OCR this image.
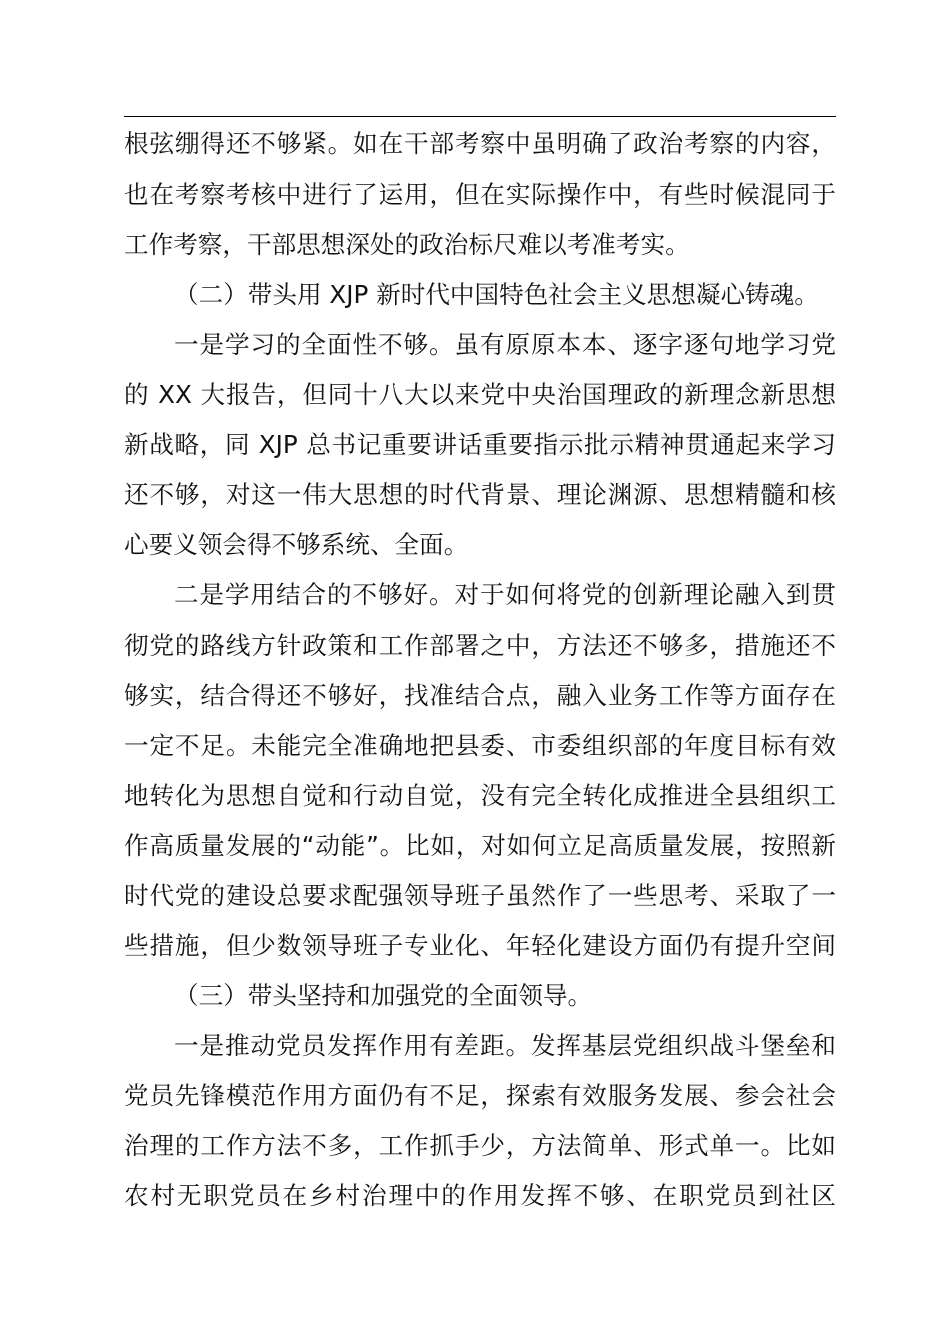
根弦绷得还不够紧。如在干部考察中虽明确了政治考察的内容，
也在考察考核中进行了运用，但在实际操作中，有些时候混同于
工作考察，干部思想深处的政治标尺难以考准考实。
（二）带头用 XJP 新时代中国特色社会主义思想凝心铸魂。
一是学习的全面性不够。虽有原原本本、逐字逐句地学习党
的 XX 大报告，但同十八大以来党中央治国理政的新理念新思想
新战略，同 XJP 总书记重要讲话重要指示批示精神贯通起来学习
还不够，对这一伟大思想的时代背景、理论渊源、思想精髓和核
心要义领会得不够系统、全面。
二是学用结合的不够好。对于如何将党的创新理论融入到贯
彻党的路线方针政策和工作部署之中，方法还不够多，措施还不
够实，结合得还不够好，找准结合点，融入业务工作等方面存在
一定不足。未能完全准确地把县委、市委组织部的年度目标有效
地转化为思想自觉和行动自觉，没有完全转化成推进全县组织工
作高质量发展的“动能”。比如，对如何立足高质量发展，按照新
时代党的建设总要求配强领导班子虽然作了一些思考、采取了一
些措施，但少数领导班子专业化、年轻化建设方面仍有提升空间
（三）带头坚持和加强党的全面领导。
一是推动党员发挥作用有差距。发挥基层党组织战斗堡垒和
党员先锋模范作用方面仍有不足，探索有效服务发展、参会社会
治理的工作方法不多，工作抓手少，方法简单、形式单一。比如
农村无职党员在乡村治理中的作用发挥不够、在职党员到社区
